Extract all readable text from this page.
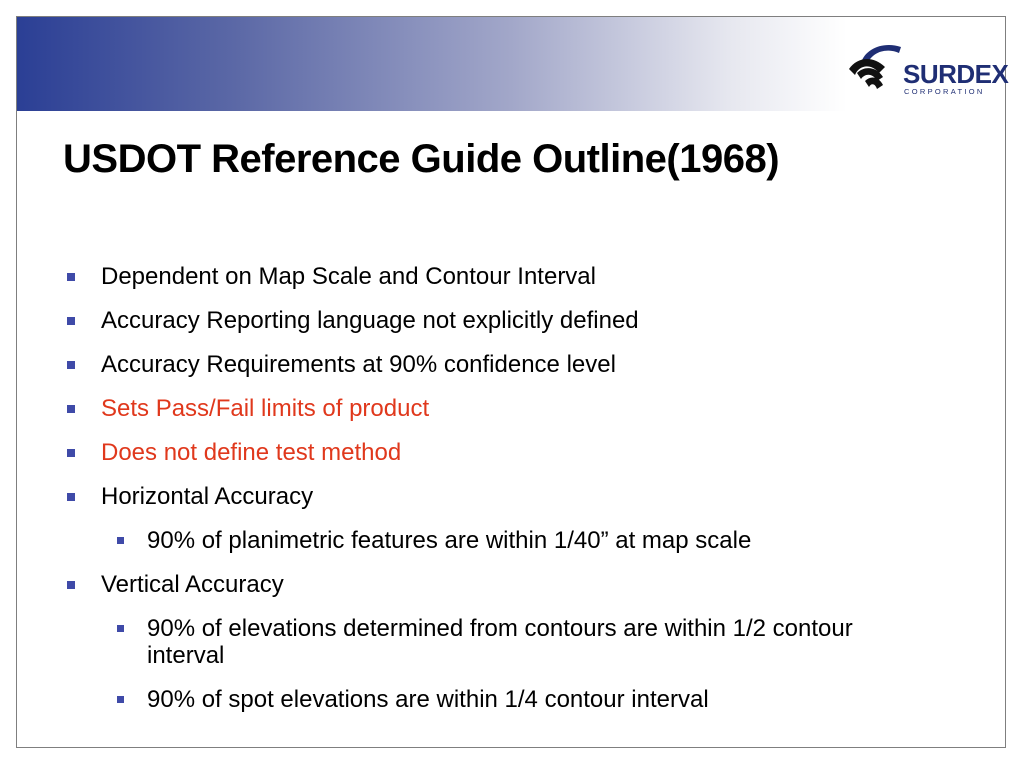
SURDEX
CORPORATION
USDOT Reference Guide Outline(1968)
Dependent on Map Scale and Contour Interval
Accuracy Reporting language not explicitly defined
Accuracy Requirements at 90% confidence level
Sets Pass/Fail limits of product
Does not define test method
Horizontal Accuracy
90% of planimetric features are within 1/40” at map scale
Vertical Accuracy
90% of elevations determined from contours are within 1/2 contour interval
90% of spot elevations are within 1/4 contour interval
